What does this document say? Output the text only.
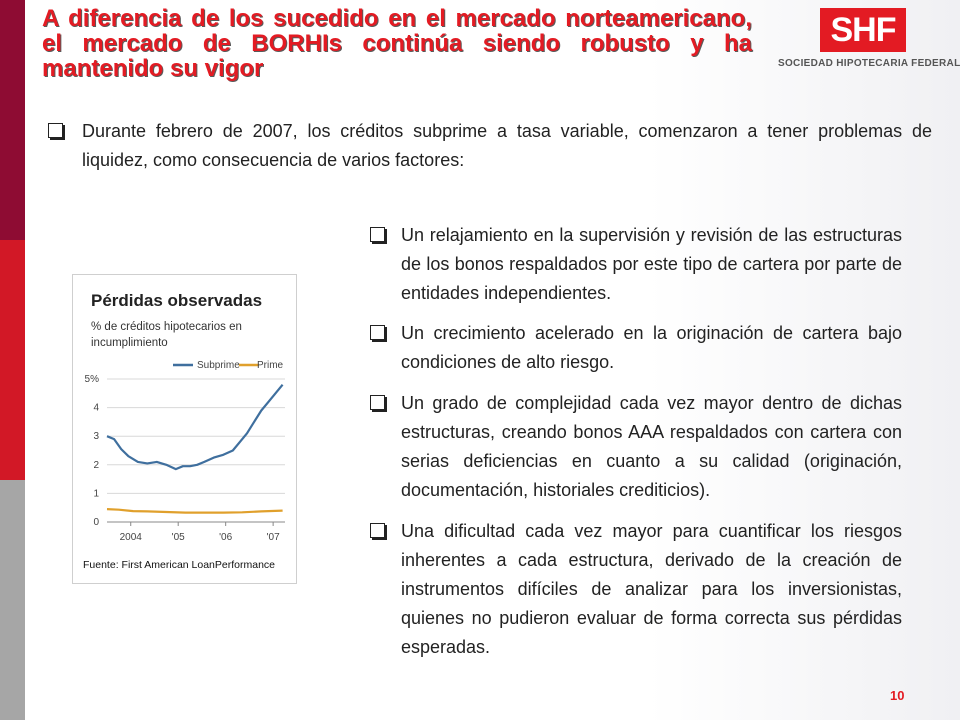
A diferencia de los sucedido en el mercado norteamericano, el mercado de BORHIs continúa siendo robusto y ha mantenido su vigor
SHF
SOCIEDAD HIPOTECARIA FEDERAL
Durante febrero de 2007, los créditos subprime a tasa variable, comenzaron a tener problemas de liquidez, como consecuencia de varios factores:
Un relajamiento en la supervisión y revisión de las estructuras de los bonos respaldados por este tipo de cartera por parte de entidades independientes.
Un crecimiento acelerado en la originación de cartera bajo condiciones de alto riesgo.
Un grado de complejidad cada vez mayor dentro de dichas estructuras, creando bonos AAA respaldados con cartera con serias deficiencias en cuanto a su calidad (originación, documentación, historiales crediticios).
Una dificultad cada vez mayor para cuantificar los riesgos inherentes a cada estructura, derivado de la creación de instrumentos difíciles de analizar para los inversionistas, quienes no pudieron evaluar de forma correcta sus pérdidas esperadas.
Pérdidas observadas
% de créditos hipotecarios en incumplimiento
0
1
2
3
4
5%
2004	'05	'06	'07
Subprime Prime
Fuente: First American LoanPerformance
10
